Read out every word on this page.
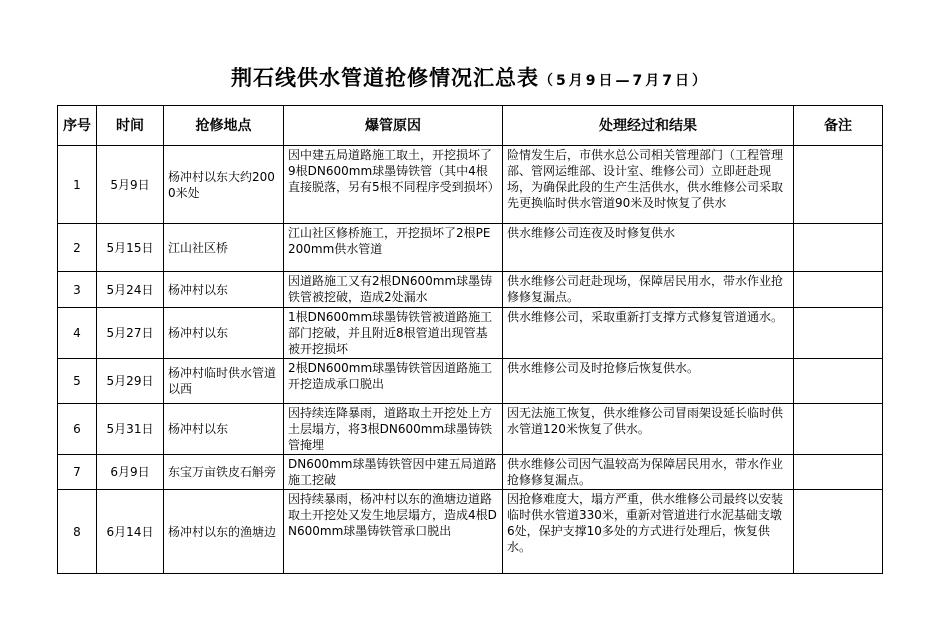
荆石线供水管道抢修情况汇总表（5月9日—7月7日）
序号	时间	抢修地点	爆管原因	处理经过和结果	备注
1	5月9日	杨冲村以东大约2000米处	因中建五局道路施工取土，开挖损坏了9根DN600mm球墨铸铁管（其中4根直接脱落，另有5根不同程序受到损坏）	险情发生后，市供水总公司相关管理部门（工程管理部、管网运维部、设计室、维修公司）立即赶赴现场，为确保此段的生产生活供水，供水维修公司采取先更换临时供水管道90米及时恢复了供水	
2	5月15日	江山社区桥	江山社区修桥施工，开挖损坏了2根PE200mm供水管道	供水维修公司连夜及时修复供水	
3	5月24日	杨冲村以东	因道路施工又有2根DN600mm球墨铸铁管被挖破，造成2处漏水	供水维修公司赶赴现场，保障居民用水，带水作业抢修修复漏点。	
4	5月27日	杨冲村以东	1根DN600mm球墨铸铁管被道路施工部门挖破，并且附近8根管道出现管基被开挖损坏	供水维修公司，采取重新打支撑方式修复管道通水。	
5	5月29日	杨冲村临时供水管道以西	2根DN600mm球墨铸铁管因道路施工开挖造成承口脱出	供水维修公司及时抢修后恢复供水。	
6	5月31日	杨冲村以东	因持续连降暴雨，道路取土开挖处上方土层塌方，将3根DN600mm球墨铸铁管掩埋	因无法施工恢复，供水维修公司冒雨架设延长临时供水管道120米恢复了供水。	
7	6月9日	东宝万亩铁皮石斛旁	DN600mm球墨铸铁管因中建五局道路施工挖破	供水维修公司因气温较高为保障居民用水，带水作业抢修修复漏点。	
8	6月14日	杨冲村以东的渔塘边	因持续暴雨，杨冲村以东的渔塘边道路取土开挖处又发生地层塌方，造成4根DN600mm球墨铸铁管承口脱出	因抢修难度大，塌方严重，供水维修公司最终以安装临时供水管道330米，重新对管道进行水泥基础支墩6处，保护支撑10多处的方式进行处理后，恢复供水。	
